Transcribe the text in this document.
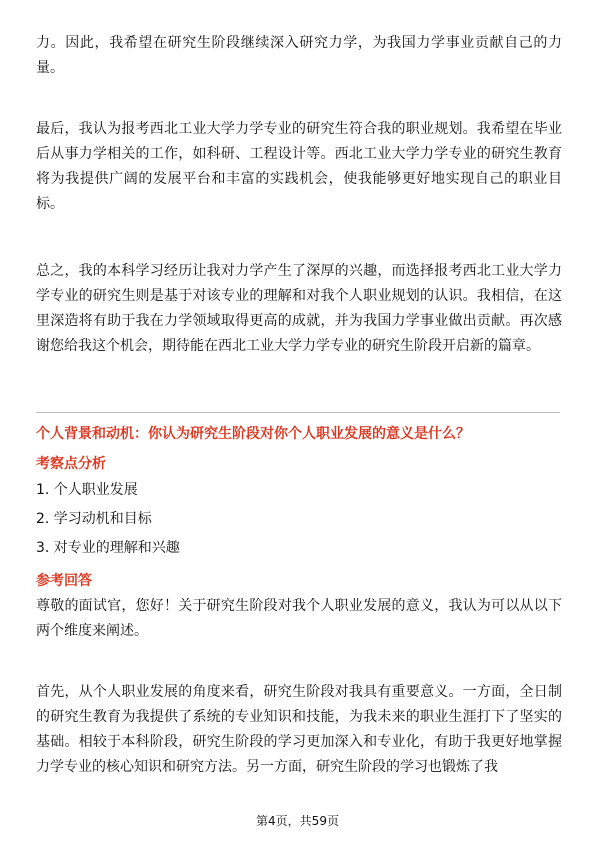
力。因此，我希望在研究生阶段继续深入研究力学，为我国力学事业贡献自己的力量。

最后，我认为报考西北工业大学力学专业的研究生符合我的职业规划。我希望在毕业后从事力学相关的工作，如科研、工程设计等。西北工业大学力学专业的研究生教育将为我提供广阔的发展平台和丰富的实践机会，使我能够更好地实现自己的职业目标。

总之，我的本科学习经历让我对力学产生了深厚的兴趣，而选择报考西北工业大学力学专业的研究生则是基于对该专业的理解和对我个人职业规划的认识。我相信，在这里深造将有助于我在力学领域取得更高的成就，并为我国力学事业做出贡献。再次感谢您给我这个机会，期待能在西北工业大学力学专业的研究生阶段开启新的篇章。

个人背景和动机：你认为研究生阶段对你个人职业发展的意义是什么？

考察点分析

1. 个人职业发展

2. 学习动机和目标

3. 对专业的理解和兴趣

参考回答

尊敬的面试官，您好！关于研究生阶段对我个人职业发展的意义，我认为可以从以下两个维度来阐述。

首先，从个人职业发展的角度来看，研究生阶段对我具有重要意义。一方面，全日制的研究生教育为我提供了系统的专业知识和技能，为我未来的职业生涯打下了坚实的基础。相较于本科阶段，研究生阶段的学习更加深入和专业化，有助于我更好地掌握力学专业的核心知识和研究方法。另一方面，研究生阶段的学习也锻炼了我

第4页，共59页
